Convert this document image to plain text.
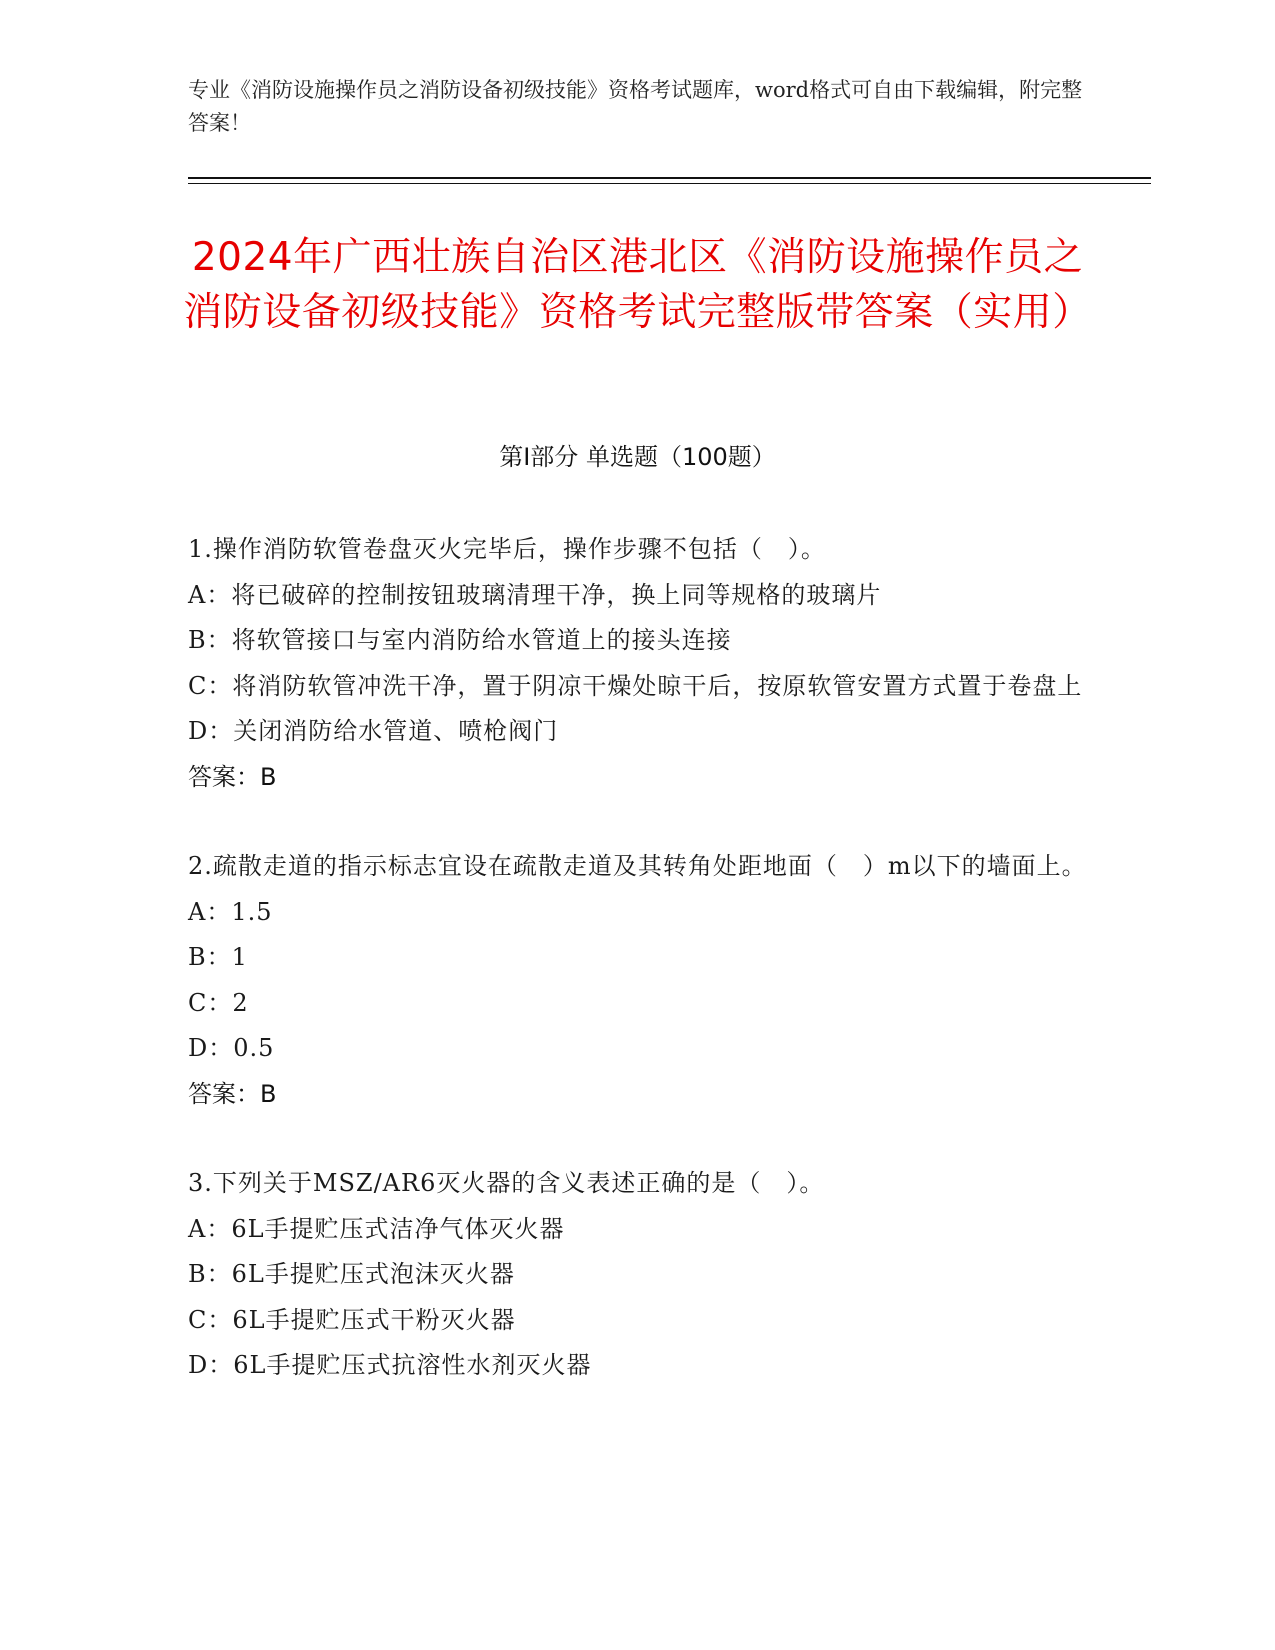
专业《消防设施操作员之消防设备初级技能》资格考试题库，word格式可自由下载编辑，附完整答案！
2024年广西壮族自治区港北区《消防设施操作员之消防设备初级技能》资格考试完整版带答案（实用）
第Ⅰ部分 单选题（100题）
1.操作消防软管卷盘灭火完毕后，操作步骤不包括（　）。
A：将已破碎的控制按钮玻璃清理干净，换上同等规格的玻璃片
B：将软管接口与室内消防给水管道上的接头连接
C：将消防软管冲洗干净，置于阴凉干燥处晾干后，按原软管安置方式置于卷盘上
D：关闭消防给水管道、喷枪阀门
答案：B
2.疏散走道的指示标志宜设在疏散走道及其转角处距地面（　）m以下的墙面上。
A：1.5
B：1
C：2
D：0.5
答案：B
3.下列关于MSZ/AR6灭火器的含义表述正确的是（　）。
A：6L手提贮压式洁净气体灭火器
B：6L手提贮压式泡沫灭火器
C：6L手提贮压式干粉灭火器
D：6L手提贮压式抗溶性水剂灭火器
